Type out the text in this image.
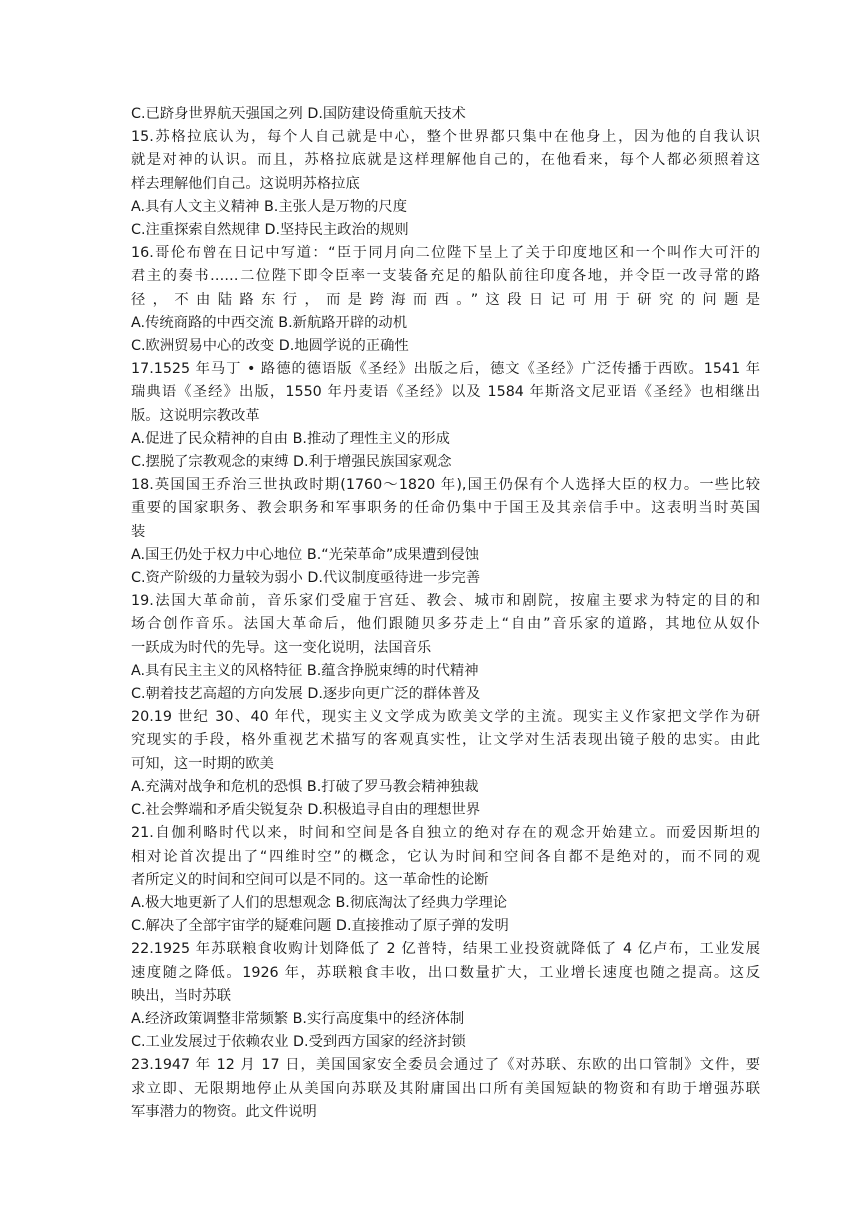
C.已跻身世界航天强国之列 D.国防建设倚重航天技术
15.苏格拉底认为，每个人自己就是中心，整个世界都只集中在他身上，因为他的自我认识
就是对神的认识。而且，苏格拉底就是这样理解他自己的，在他看来，每个人都必须照着这
样去理解他们自己。这说明苏格拉底
A.具有人文主义精神 B.主张人是万物的尺度
C.注重探索自然规律 D.坚持民主政治的规则
16.哥伦布曾在日记中写道：“臣于同月向二位陛下呈上了关于印度地区和一个叫作大可汗的
君主的奏书……二位陛下即令臣率一支装备充足的船队前往印度各地，并令臣一改寻常的路
径，不由陆路东行，而是跨海而西。”这段日记可用于研究的问题是
A.传统商路的中西交流 B.新航路开辟的动机
C.欧洲贸易中心的改变 D.地圆学说的正确性
17.1525 年马丁 • 路德的德语版《圣经》出版之后，德文《圣经》广泛传播于西欧。1541 年
瑞典语《圣经》出版，1550 年丹麦语《圣经》以及 1584 年斯洛文尼亚语《圣经》也相继出
版。这说明宗教改革
A.促进了民众精神的自由 B.推动了理性主义的形成
C.摆脱了宗教观念的束缚 D.利于增强民族国家观念
18.英国国王乔治三世执政时期(1760～1820 年),国王仍保有个人选择大臣的权力。一些比较
重要的国家职务、教会职务和军事职务的任命仍集中于国王及其亲信手中。这表明当时英国
装
A.国王仍处于权力中心地位 B.“光荣革命”成果遭到侵蚀
C.资产阶级的力量较为弱小 D.代议制度亟待进一步完善
19.法国大革命前，音乐家们受雇于宫廷、教会、城市和剧院，按雇主要求为特定的目的和
场合创作音乐。法国大革命后，他们跟随贝多芬走上“自由”音乐家的道路，其地位从奴仆
一跃成为时代的先导。这一变化说明，法国音乐
A.具有民主主义的风格特征 B.蕴含挣脱束缚的时代精神
C.朝着技艺高超的方向发展 D.逐步向更广泛的群体普及
20.19 世纪 30、40 年代，现实主义文学成为欧美文学的主流。现实主义作家把文学作为研
究现实的手段，格外重视艺术描写的客观真实性，让文学对生活表现出镜子般的忠实。由此
可知，这一时期的欧美
A.充满对战争和危机的恐惧 B.打破了罗马教会精神独裁
C.社会弊端和矛盾尖锐复杂 D.积极追寻自由的理想世界
21.自伽利略时代以来，时间和空间是各自独立的绝对存在的观念开始建立。而爱因斯坦的
相对论首次提出了“四维时空”的概念，它认为时间和空间各自都不是绝对的，而不同的观
者所定义的时间和空间可以是不同的。这一革命性的论断
A.极大地更新了人们的思想观念 B.彻底淘汰了经典力学理论
C.解决了全部宇宙学的疑难问题 D.直接推动了原子弹的发明
22.1925 年苏联粮食收购计划降低了 2 亿普特，结果工业投资就降低了 4 亿卢布，工业发展
速度随之降低。1926 年，苏联粮食丰收，出口数量扩大，工业增长速度也随之提高。这反
映出，当时苏联
A.经济政策调整非常频繁 B.实行高度集中的经济体制
C.工业发展过于依赖农业 D.受到西方国家的经济封锁
23.1947 年 12 月 17 日，美国国家安全委员会通过了《对苏联、东欧的出口管制》文件，要
求立即、无限期地停止从美国向苏联及其附庸国出口所有美国短缺的物资和有助于增强苏联
军事潜力的物资。此文件说明
